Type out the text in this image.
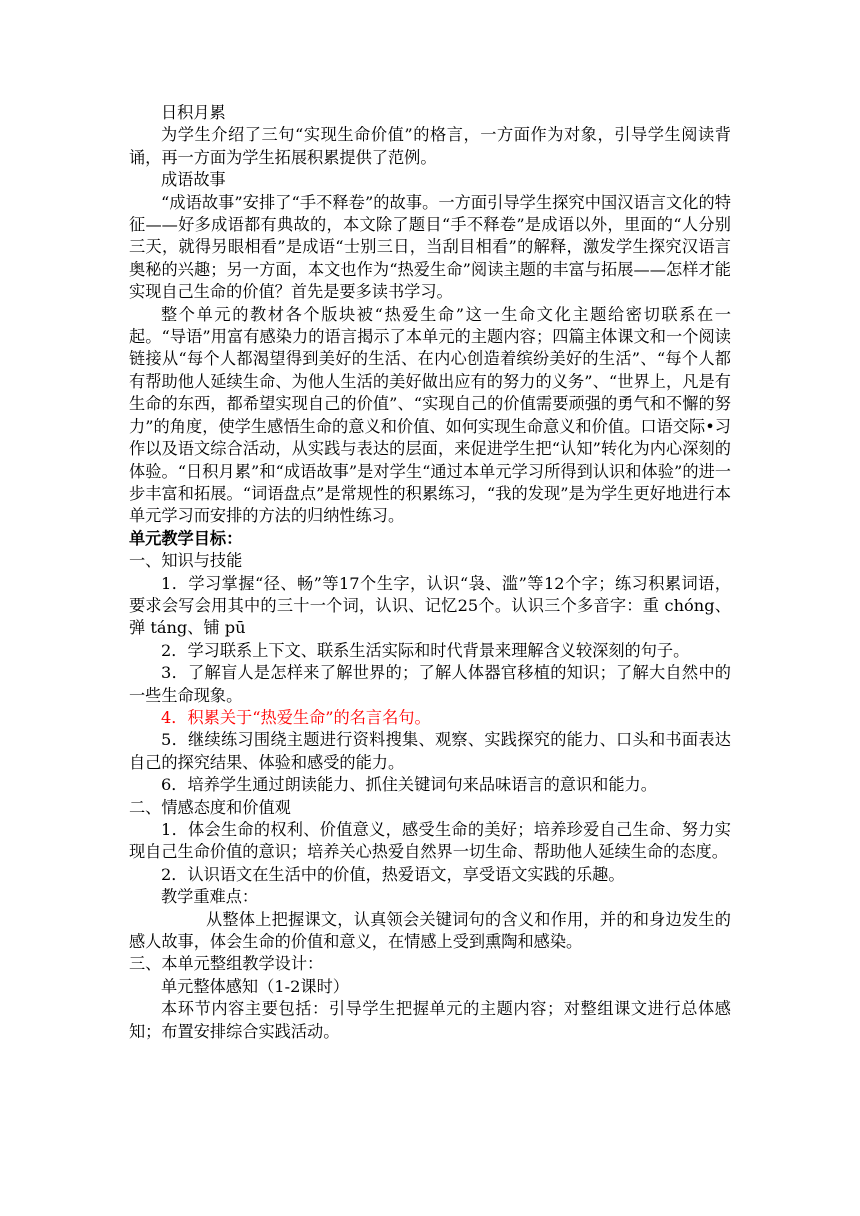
日积月累

为学生介绍了三句“实现生命价值”的格言，一方面作为对象，引导学生阅读背诵，再一方面为学生拓展积累提供了范例。

成语故事

“成语故事”安排了“手不释卷”的故事。一方面引导学生探究中国汉语言文化的特征——好多成语都有典故的，本文除了题目“手不释卷”是成语以外，里面的“人分别三天，就得另眼相看”是成语“士别三日，当刮目相看”的解释，激发学生探究汉语言奥秘的兴趣；另一方面，本文也作为“热爱生命”阅读主题的丰富与拓展——怎样才能实现自己生命的价值？首先是要多读书学习。

整个单元的教材各个版块被“热爱生命”这一生命文化主题给密切联系在一起。“导语”用富有感染力的语言揭示了本单元的主题内容；四篇主体课文和一个阅读链接从“每个人都渴望得到美好的生活、在内心创造着缤纷美好的生活”、“每个人都有帮助他人延续生命、为他人生活的美好做出应有的努力的义务”、“世界上，凡是有生命的东西，都希望实现自己的价值”、“实现自己的价值需要顽强的勇气和不懈的努力”的角度，使学生感悟生命的意义和价值、如何实现生命意义和价值。口语交际•习作以及语文综合活动，从实践与表达的层面，来促进学生把“认知”转化为内心深刻的体验。“日积月累”和“成语故事”是对学生“通过本单元学习所得到认识和体验”的进一步丰富和拓展。“词语盘点”是常规性的积累练习，“我的发现”是为学生更好地进行本单元学习而安排的方法的归纳性练习。

单元教学目标：

一、知识与技能

1．学习掌握“径、畅”等17个生字，认识“袅、滥”等12个字；练习积累词语，要求会写会用其中的三十一个词，认识、记忆25个。认识三个多音字：重 chóng、弹 táng、铺 pū

2．学习联系上下文、联系生活实际和时代背景来理解含义较深刻的句子。

3．了解盲人是怎样来了解世界的；了解人体器官移植的知识；了解大自然中的一些生命现象。

4．积累关于“热爱生命”的名言名句。

5．继续练习围绕主题进行资料搜集、观察、实践探究的能力、口头和书面表达自己的探究结果、体验和感受的能力。

6．培养学生通过朗读能力、抓住关键词句来品味语言的意识和能力。

二、情感态度和价值观

1．体会生命的权利、价值意义，感受生命的美好；培养珍爱自己生命、努力实现自己生命价值的意识；培养关心热爱自然界一切生命、帮助他人延续生命的态度。

2．认识语文在生活中的价值，热爱语文，享受语文实践的乐趣。

教学重难点：

从整体上把握课文，认真领会关键词句的含义和作用，并的和身边发生的感人故事，体会生命的价值和意义，在情感上受到熏陶和感染。

三、本单元整组教学设计：

单元整体感知（1-2课时）

本环节内容主要包括：引导学生把握单元的主题内容；对整组课文进行总体感知；布置安排综合实践活动。
